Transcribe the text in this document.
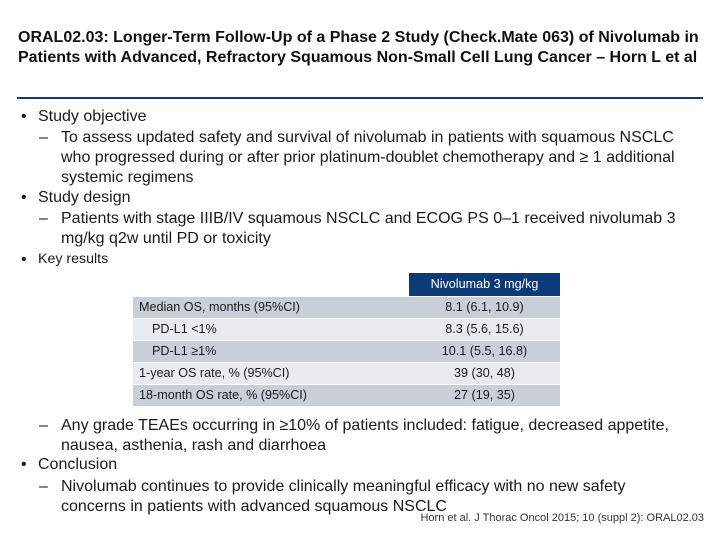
ORAL02.03: Longer-Term Follow-Up of a Phase 2 Study (Check.Mate 063) of Nivolumab in Patients with Advanced, Refractory Squamous Non-Small Cell Lung Cancer – Horn L et al
• Study objective
– To assess updated safety and survival of nivolumab in patients with squamous NSCLC who progressed during or after prior platinum-doublet chemotherapy and ≥ 1 additional systemic regimens
• Study design
– Patients with stage IIIB/IV squamous NSCLC and ECOG PS 0–1 received nivolumab 3 mg/kg q2w until PD or toxicity
• Key results
Nivolumab 3 mg/kg
Median OS, months (95%CI)	8.1 (6.1, 10.9)
PD-L1 <1%	8.3 (5.6, 15.6)
PD-L1 ≥1%	10.1 (5.5, 16.8)
1-year OS rate, % (95%CI)	39 (30, 48)
18-month OS rate, % (95%CI)	27 (19, 35)
– Any grade TEAEs occurring in ≥10% of patients included: fatigue, decreased appetite, nausea, asthenia, rash and diarrhoea
• Conclusion
– Nivolumab continues to provide clinically meaningful efficacy with no new safety concerns in patients with advanced squamous NSCLC
Horn et al. J Thorac Oncol 2015; 10 (suppl 2): ORAL02.03
